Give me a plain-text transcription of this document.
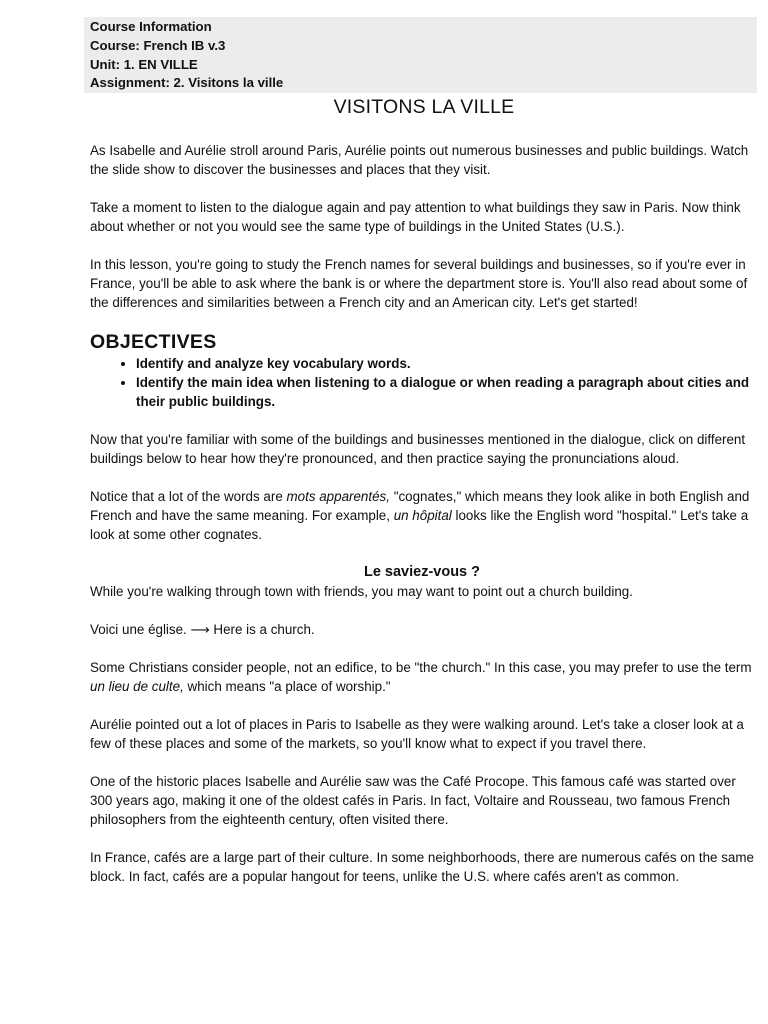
Course Information
Course: French IB v.3
Unit: 1. EN VILLE
Assignment: 2. Visitons la ville
VISITONS LA VILLE

As Isabelle and Aurélie stroll around Paris, Aurélie points out numerous businesses and public buildings. Watch the slide show to discover the businesses and places that they visit.

Take a moment to listen to the dialogue again and pay attention to what buildings they saw in Paris. Now think about whether or not you would see the same type of buildings in the United States (U.S.).

In this lesson, you're going to study the French names for several buildings and businesses, so if you're ever in France, you'll be able to ask where the bank is or where the department store is. You'll also read about some of the differences and similarities between a French city and an American city. Let's get started!

OBJECTIVES
• Identify and analyze key vocabulary words.
• Identify the main idea when listening to a dialogue or when reading a paragraph about cities and their public buildings.

Now that you're familiar with some of the buildings and businesses mentioned in the dialogue, click on different buildings below to hear how they're pronounced, and then practice saying the pronunciations aloud.

Notice that a lot of the words are mots apparentés, "cognates," which means they look alike in both English and French and have the same meaning. For example, un hôpital looks like the English word "hospital." Let's take a look at some other cognates.

Le saviez-vous ?

While you're walking through town with friends, you may want to point out a church building.

Voici une église. ⟶ Here is a church.

Some Christians consider people, not an edifice, to be "the church." In this case, you may prefer to use the term un lieu de culte, which means "a place of worship."

Aurélie pointed out a lot of places in Paris to Isabelle as they were walking around. Let's take a closer look at a few of these places and some of the markets, so you'll know what to expect if you travel there.

One of the historic places Isabelle and Aurélie saw was the Café Procope. This famous café was started over 300 years ago, making it one of the oldest cafés in Paris. In fact, Voltaire and Rousseau, two famous French philosophers from the eighteenth century, often visited there.

In France, cafés are a large part of their culture. In some neighborhoods, there are numerous cafés on the same block. In fact, cafés are a popular hangout for teens, unlike the U.S. where cafés aren't as common.
